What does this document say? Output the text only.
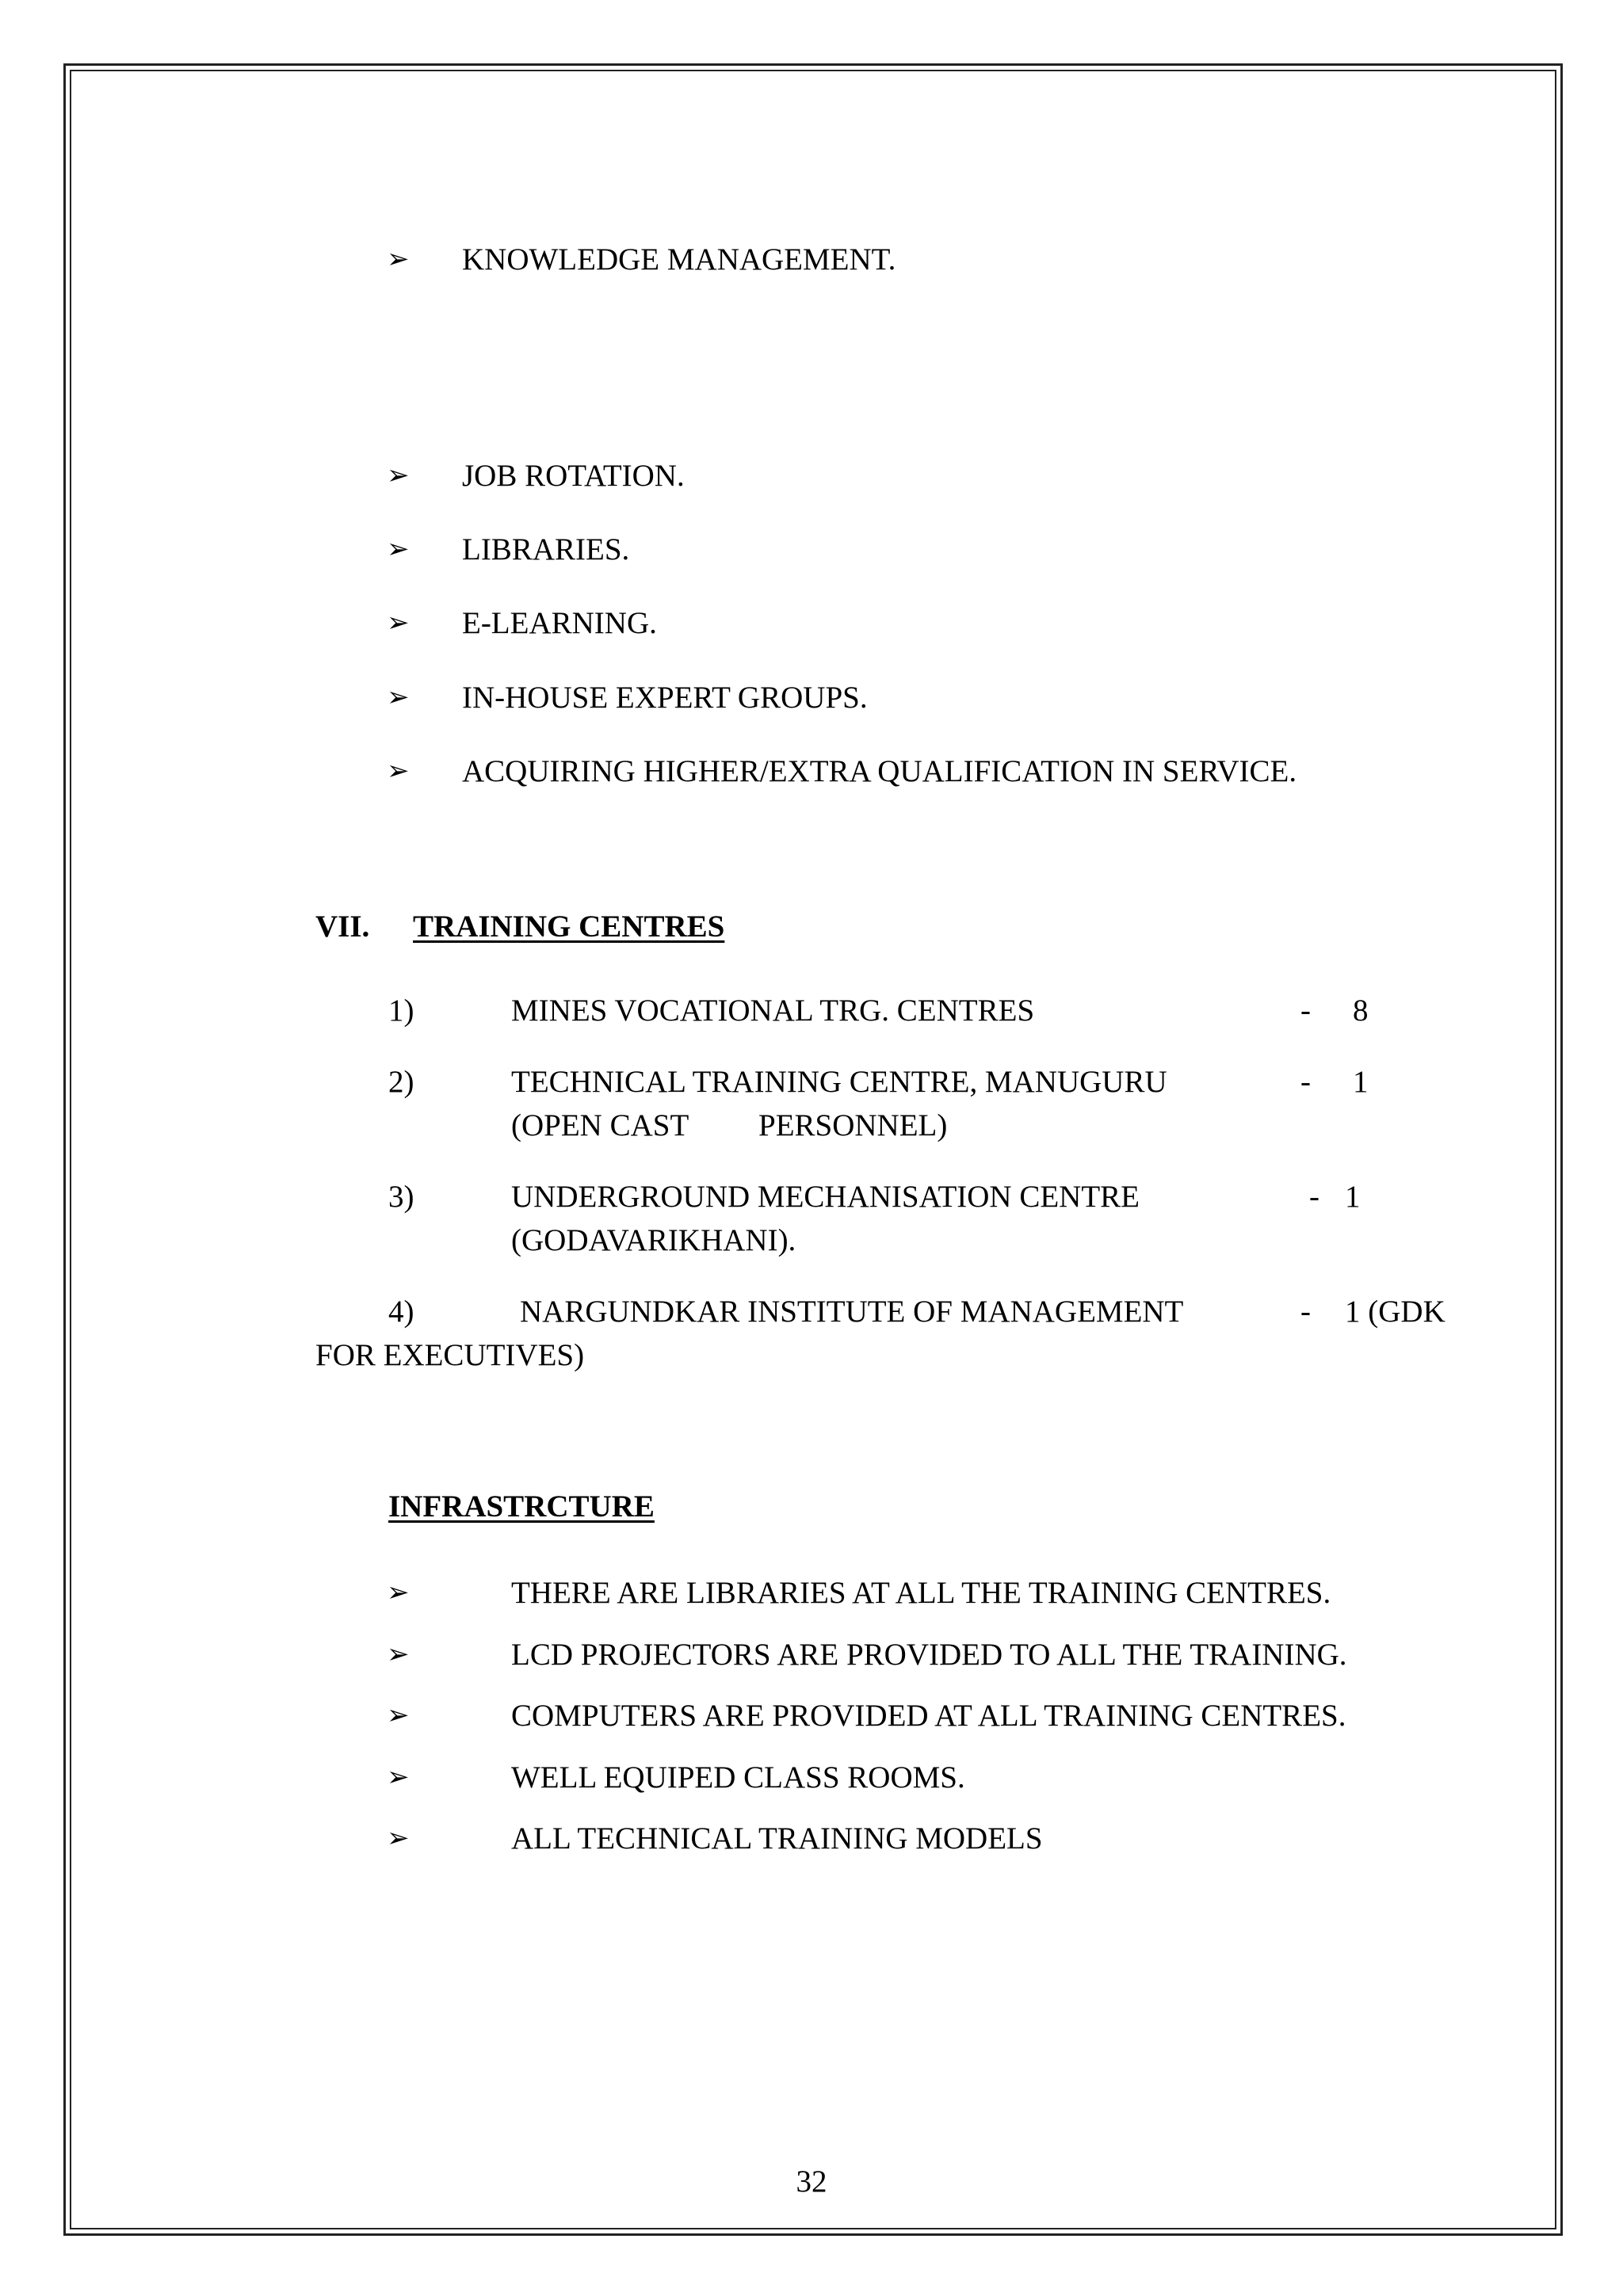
➢ KNOWLEDGE MANAGEMENT.
➢ JOB ROTATION.
➢ LIBRARIES.
➢ E-LEARNING.
➢ IN-HOUSE EXPERT GROUPS.
➢ ACQUIRING HIGHER/EXTRA QUALIFICATION IN SERVICE.
VII. TRAINING CENTRES
1)	MINES VOCATIONAL TRG. CENTRES	- 8
2)	TECHNICAL TRAINING CENTRE, MANUGURU	- 1
(OPEN CAST PERSONNEL)
3)	UNDERGROUND MECHANISATION CENTRE	- 1
(GODAVARIKHANI).
4)	NARGUNDKAR INSTITUTE OF MANAGEMENT	- 1 (GDK
FOR EXECUTIVES)
INFRASTRCTURE
➢	THERE ARE LIBRARIES AT ALL THE TRAINING CENTRES.
➢	LCD PROJECTORS ARE PROVIDED TO ALL THE TRAINING.
➢	COMPUTERS ARE PROVIDED AT ALL TRAINING CENTRES.
➢	WELL EQUIPED CLASS ROOMS.
➢	ALL TECHNICAL TRAINING MODELS
32
